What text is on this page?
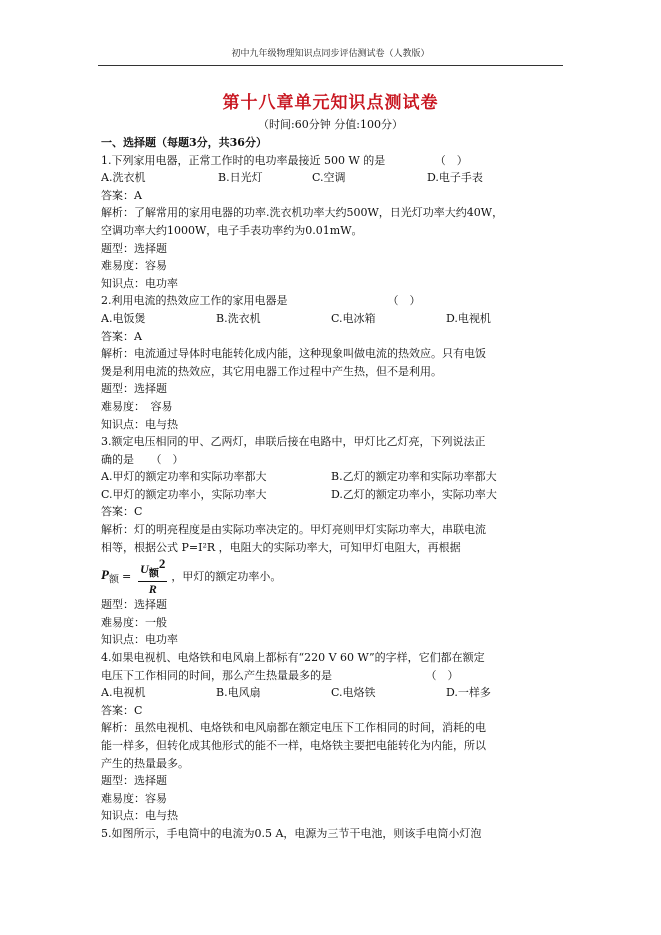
初中九年级物理知识点同步评估测试卷（人教版）
第十八章单元知识点测试卷
（时间:60分钟 分值:100分）
一、选择题（每题3分，共36分）
1.下列家用电器，正常工作时的电功率最接近 500 W 的是　　　　　（　）
A.洗衣机	B.日光灯	C.空调	D.电子手表
答案：A
解析：了解常用的家用电器的功率.洗衣机功率大约500W，日光灯功率大约40W，
空调功率大约1000W，电子手表功率约为0.01mW。
题型：选择题
难易度：容易
知识点：电功率
2.利用电流的热效应工作的家用电器是	（　）
A.电饭煲	B.洗衣机	C.电冰箱	D.电视机
答案：A
解析：电流通过导体时电能转化成内能，这种现象叫做电流的热效应。只有电饭
煲是利用电流的热效应，其它用电器工作过程中产生热，但不是利用。
题型：选择题
难易度：　容易
知识点：电与热
3.额定电压相同的甲、乙两灯，串联后接在电路中，甲灯比乙灯亮，下列说法正
确的是　　（　）
A.甲灯的额定功率和实际功率都大	B.乙灯的额定功率和实际功率都大
C.甲灯的额定功率小，实际功率大	D.乙灯的额定功率小，实际功率大
答案：C
解析：灯的明亮程度是由实际功率决定的。甲灯亮则甲灯实际功率大，串联电流
相等，根据公式 P=I²R ，电阻大的实际功率大，可知甲灯电阻大，再根据
$P_额 = \frac{U_额^2}{R}$ ，甲灯的额定功率小。
题型：选择题
难易度：一般
知识点：电功率
4.如果电视机、电烙铁和电风扇上都标有“220 V 60 W”的字样，它们都在额定
电压下工作相同的时间，那么产生热量最多的是　　　　　　　　　（　）
A.电视机	B.电风扇	C.电烙铁	D.一样多
答案：C
解析：虽然电视机、电烙铁和电风扇都在额定电压下工作相同的时间，消耗的电
能一样多，但转化成其他形式的能不一样，电烙铁主要把电能转化为内能，所以
产生的热量最多。
题型：选择题
难易度：容易
知识点：电与热
5.如图所示，手电筒中的电流为0.5 A，电源为三节干电池，则该手电筒小灯泡
